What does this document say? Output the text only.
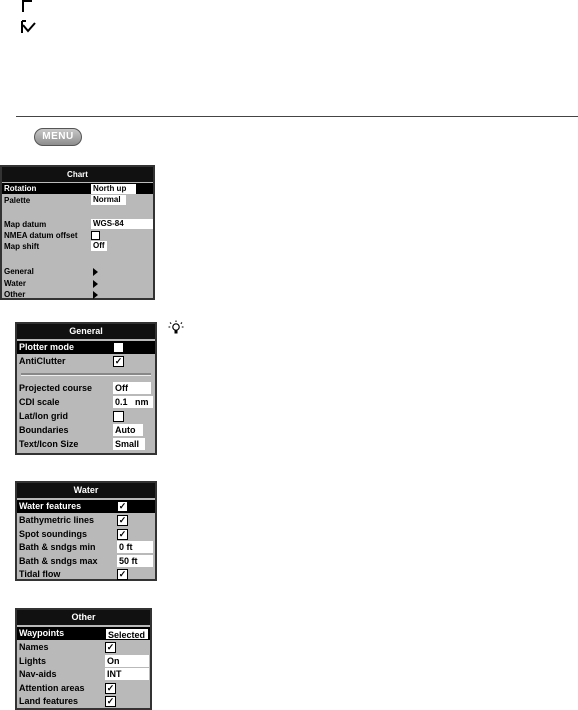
MENU
Chart
Rotation	North up
Palette	Normal
Map datum	WGS-84
NMEA datum offset
Map shift	Off
General
Water
Other
General
Plotter mode
AntiClutter	✓
Projected course	Off
CDI scale	0.1   nm
Lat/lon grid
Boundaries	Auto
Text/Icon Size	Small
Water
Water features	✓
Bathymetric lines	✓
Spot soundings	✓
Bath & sndgs min	0 ft
Bath & sndgs max 50 ft
Tidal flow	✓
Other
Waypoints	Selected
Names	✓
Lights	On
Nav-aids	INT
Attention areas ✓
Land features	✓
